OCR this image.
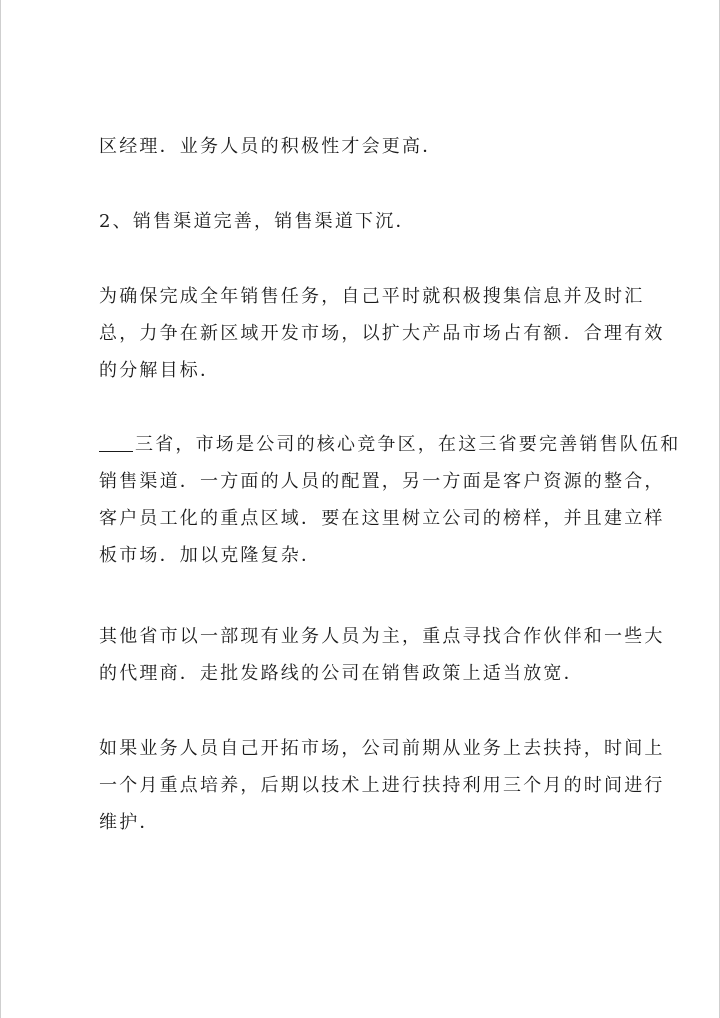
区经理．业务人员的积极性才会更高．

2、销售渠道完善，销售渠道下沉．

为确保完成全年销售任务，自己平时就积极搜集信息并及时汇
总，力争在新区域开发市场，以扩大产品市场占有额．合理有效
的分解目标．

三省，市场是公司的核心竞争区，在这三省要完善销售队伍和
销售渠道．一方面的人员的配置，另一方面是客户资源的整合，
客户员工化的重点区域．要在这里树立公司的榜样，并且建立样
板市场．加以克隆复杂．

其他省市以一部现有业务人员为主，重点寻找合作伙伴和一些大
的代理商．走批发路线的公司在销售政策上适当放宽．

如果业务人员自己开拓市场，公司前期从业务上去扶持，时间上
一个月重点培养，后期以技术上进行扶持利用三个月的时间进行
维护．
